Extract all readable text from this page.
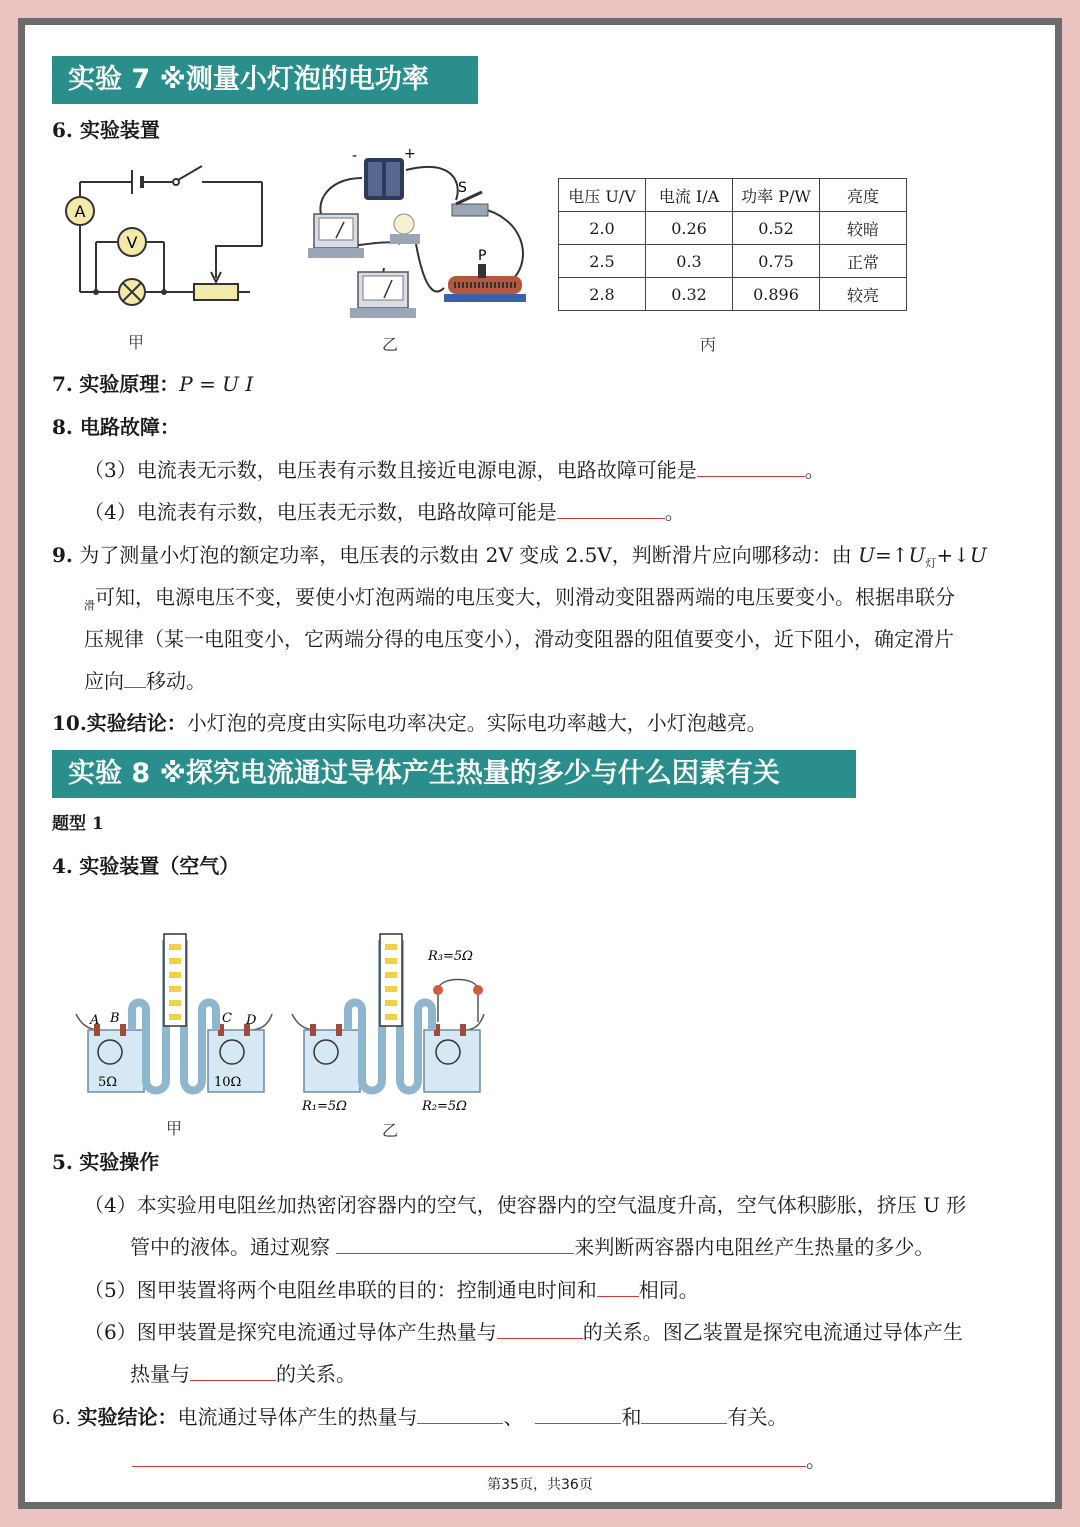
实验 7 ※测量小灯泡的电功率
6. 实验装置
A
V
甲
-	+
S
P
乙
电压 U/V	电流 I/A	功率 P/W	亮度
2.0	0.26	0.52	较暗
2.5	0.3	0.75	正常
2.8	0.32	0.896	较亮
丙
7. 实验原理：P = U I
8. 电路故障：
（3）电流表无示数，电压表有示数且接近电源电源，电路故障可能是	。
（4）电流表有示数，电压表无示数，电路故障可能是	。
9. 为了测量小灯泡的额定功率，电压表的示数由 2V 变成 2.5V，判断滑片应向哪移动：由 $U=↑U_灯+↓U$
$_滑$可知，电源电压不变，要使小灯泡两端的电压变大，则滑动变阻器两端的电压要变小。根据串联分
压规律（某一电阻变小，它两端分得的电压变小），滑动变阻器的阻值要变小，近下阻小，确定滑片
应向 移动。
10.实验结论：小灯泡的亮度由实际电功率决定。实际电功率越大，小灯泡越亮。
实验 8 ※探究电流通过导体产生热量的多少与什么因素有关
题型 1
4. 实验装置（空气）
A B	C D
5Ω	10Ω
甲
R₃=5Ω
R₁=5Ω	R₂=5Ω
乙
5. 实验操作
（4）本实验用电阻丝加热密闭容器内的空气，使容器内的空气温度升高，空气体积膨胀，挤压 U 形
管中的液体。通过观察	来判断两容器内电阻丝产生热量的多少。
（5）图甲装置将两个电阻丝串联的目的：控制通电时间和 相同。
（6）图甲装置是探究电流通过导体产生热量与	的关系。图乙装置是探究电流通过导体产生
热量与	的关系。
6. 实验结论：电流通过导体产生的热量与	、	和	有关。
。
第35页，共36页
